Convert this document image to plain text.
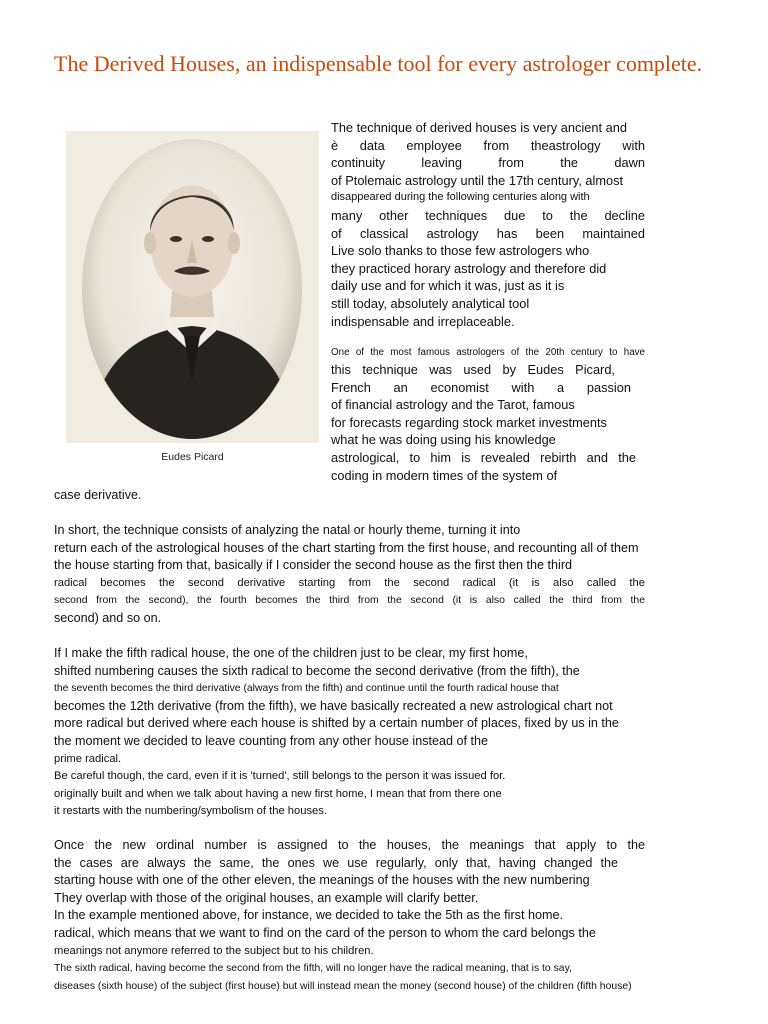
The Derived Houses, an indispensable tool for every astrologer complete.
Eudes Picard
The technique of derived houses is very ancient and
è data employee from theastrology with
continuity leaving from the dawn
of Ptolemaic astrology until the 17th century, almost
disappeared during the following centuries along with
many other techniques due to the decline
of classical astrology has been maintained
Live solo thanks to those few astrologers who
they practiced horary astrology and therefore did
daily use and for which it was, just as it is
still today, absolutely analytical tool
indispensable and irreplaceable.
One of the most famous astrologers of the 20th century to have
this technique was used by Eudes Picard,
French an economist with a passion
of financial astrology and the Tarot, famous
for forecasts regarding stock market investments
what he was doing using his knowledge
astrological, to him is revealed rebirth and the
coding in modern times of the system of
case derivative.
In short, the technique consists of analyzing the natal or hourly theme, turning it into
return each of the astrological houses of the chart starting from the first house, and recounting all of them
the house starting from that, basically if I consider the second house as the first then the third
radical becomes the second derivative starting from the second radical (it is also called the
second from the second), the fourth becomes the third from the second (it is also called the third from the
second) and so on.
If I make the fifth radical house, the one of the children just to be clear, my first home,
shifted numbering causes the sixth radical to become the second derivative (from the fifth), the
the seventh becomes the third derivative (always from the fifth) and continue until the fourth radical house that
becomes the 12th derivative (from the fifth), we have basically recreated a new astrological chart not
more radical but derived where each house is shifted by a certain number of places, fixed by us in the
the moment we decided to leave counting from any other house instead of the
prime radical.
Be careful though, the card, even if it is 'turned', still belongs to the person it was issued for.
originally built and when we talk about having a new first home, I mean that from there one
it restarts with the numbering/symbolism of the houses.
Once the new ordinal number is assigned to the houses, the meanings that apply to the
the cases are always the same, the ones we use regularly, only that, having changed the
starting house with one of the other eleven, the meanings of the houses with the new numbering
They overlap with those of the original houses, an example will clarify better.
In the example mentioned above, for instance, we decided to take the 5th as the first home.
radical, which means that we want to find on the card of the person to whom the card belongs the
meanings not anymore referred to the subject but to his children.
The sixth radical, having become the second from the fifth, will no longer have the radical meaning, that is to say,
diseases (sixth house) of the subject (first house) but will instead mean the money (second house) of the children (fifth house)
